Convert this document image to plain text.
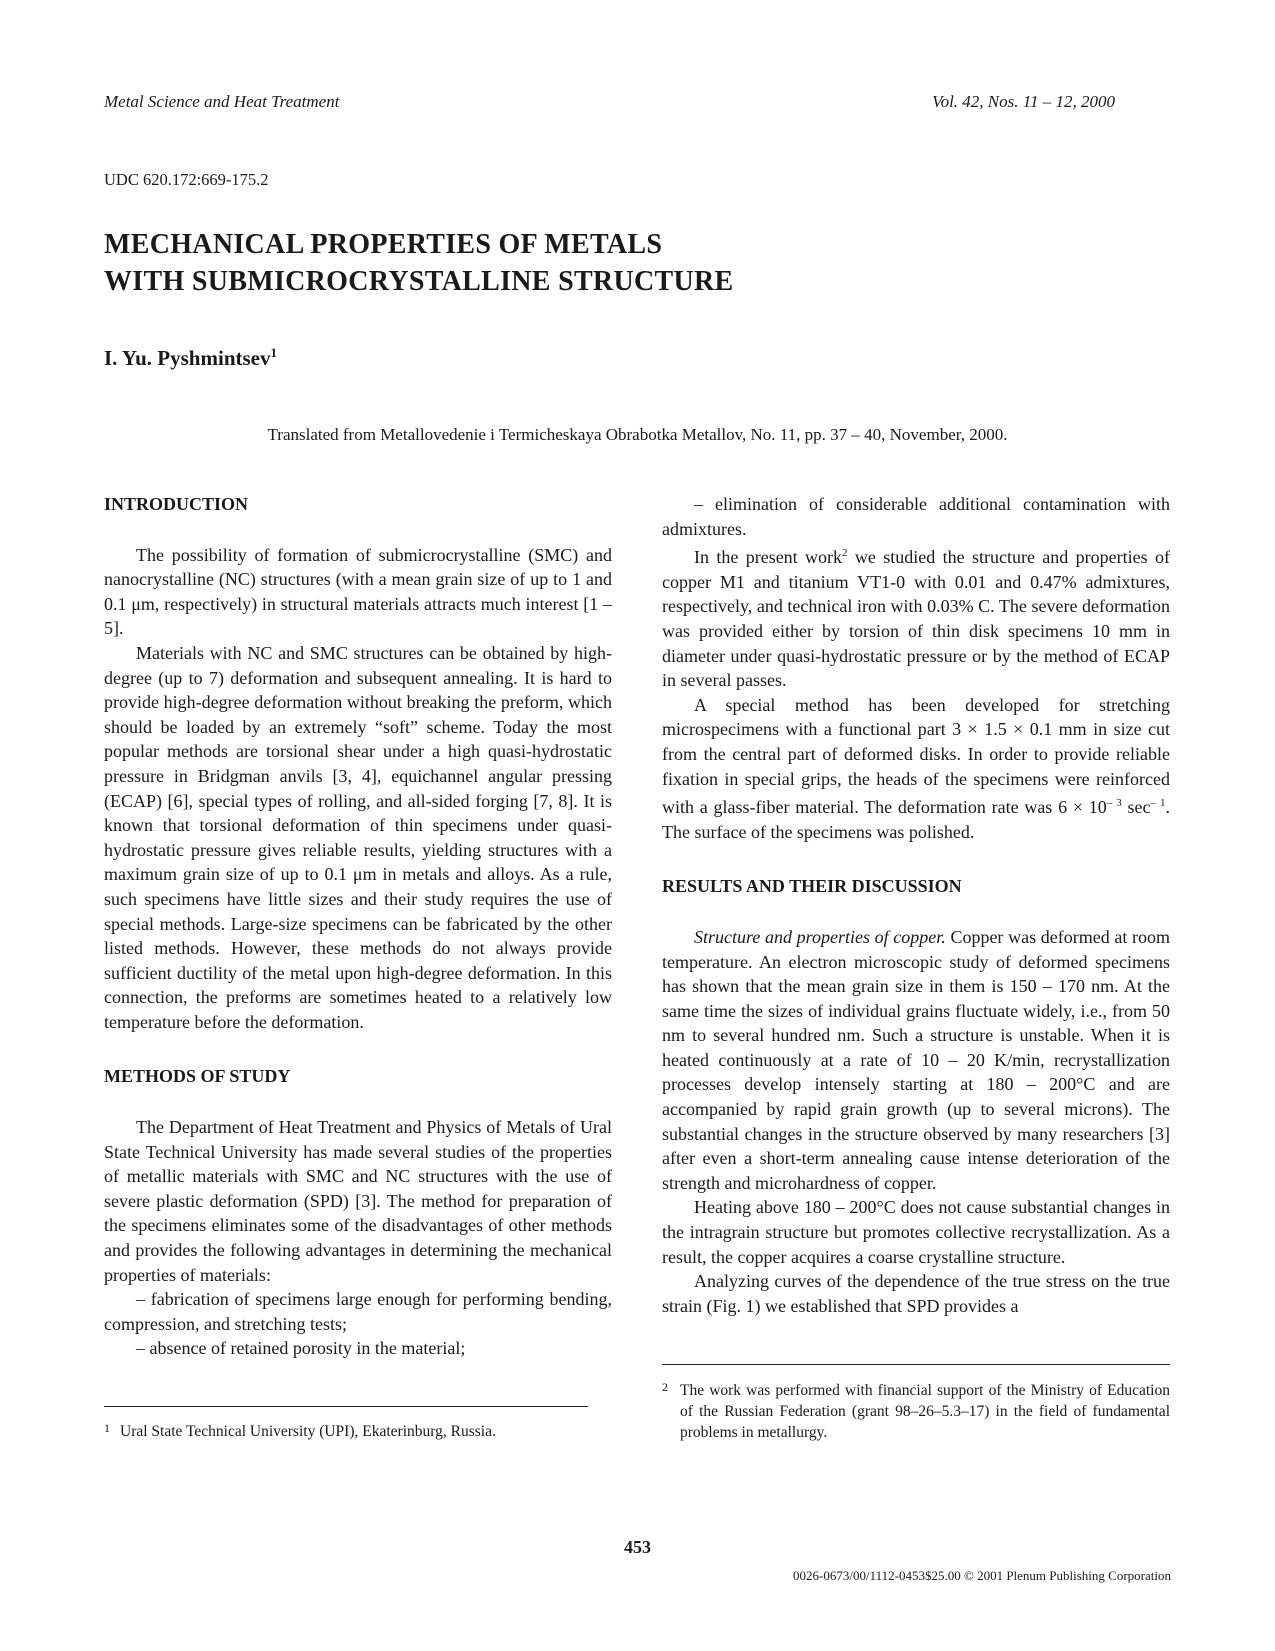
Metal Science and Heat Treatment	Vol. 42, Nos. 11 – 12, 2000
UDC 620.172:669-175.2
MECHANICAL PROPERTIES OF METALS
WITH SUBMICROCRYSTALLINE STRUCTURE
I. Yu. Pyshmintsev$^1$
Translated from Metallovedenie i Termicheskaya Obrabotka Metallov, No. 11, pp. 37 – 40, November, 2000.
INTRODUCTION

The possibility of formation of submicrocrystalline (SMC) and nanocrystalline (NC) structures (with a mean grain size of up to 1 and 0.1 μm, respectively) in structural materials attracts much interest [1 – 5].

Materials with NC and SMC structures can be obtained by high-degree (up to 7) deformation and subsequent annealing. It is hard to provide high-degree deformation without breaking the preform, which should be loaded by an extremely “soft” scheme. Today the most popular methods are torsional shear under a high quasi-hydrostatic pressure in Bridgman anvils [3, 4], equichannel angular pressing (ECAP) [6], special types of rolling, and all-sided forging [7, 8]. It is known that torsional deformation of thin specimens under quasi-hydrostatic pressure gives reliable results, yielding structures with a maximum grain size of up to 0.1 μm in metals and alloys. As a rule, such specimens have little sizes and their study requires the use of special methods. Large-size specimens can be fabricated by the other listed methods. However, these methods do not always provide sufficient ductility of the metal upon high-degree deformation. In this connection, the preforms are sometimes heated to a relatively low temperature before the deformation.

METHODS OF STUDY

The Department of Heat Treatment and Physics of Metals of Ural State Technical University has made several studies of the properties of metallic materials with SMC and NC structures with the use of severe plastic deformation (SPD) [3]. The method for preparation of the specimens eliminates some of the disadvantages of other methods and provides the following advantages in determining the mechanical properties of materials:

– fabrication of specimens large enough for performing bending, compression, and stretching tests;

– absence of retained porosity in the material;

1 Ural State Technical University (UPI), Ekaterinburg, Russia.

– elimination of considerable additional contamination with admixtures.

In the present work$^2$ we studied the structure and properties of copper M1 and titanium VT1-0 with 0.01 and 0.47% admixtures, respectively, and technical iron with 0.03% C. The severe deformation was provided either by torsion of thin disk specimens 10 mm in diameter under quasi-hydrostatic pressure or by the method of ECAP in several passes.

A special method has been developed for stretching microspecimens with a functional part 3 × 1.5 × 0.1 mm in size cut from the central part of deformed disks. In order to provide reliable fixation in special grips, the heads of the specimens were reinforced with a glass-fiber material. The deformation rate was $6 \times 10^{- 3}$ $\sec^{- 1}$. The surface of the specimens was polished.

RESULTS AND THEIR DISCUSSION

Structure and properties of copper. Copper was deformed at room temperature. An electron microscopic study of deformed specimens has shown that the mean grain size in them is 150 – 170 nm. At the same time the sizes of individual grains fluctuate widely, i.e., from 50 nm to several hundred nm. Such a structure is unstable. When it is heated continuously at a rate of 10 – 20 K/min, recrystallization processes develop intensely starting at 180 – 200°C and are accompanied by rapid grain growth (up to several microns). The substantial changes in the structure observed by many researchers [3] after even a short-term annealing cause intense deterioration of the strength and microhardness of copper.

Heating above 180 – 200°C does not cause substantial changes in the intragrain structure but promotes collective recrystallization. As a result, the copper acquires a coarse crystalline structure.

Analyzing curves of the dependence of the true stress on the true strain (Fig. 1) we established that SPD provides a

2 The work was performed with financial support of the Ministry of Education of the Russian Federation (grant 98–26–5.3–17) in the field of fundamental problems in metallurgy.
453
0026-0673/00/1112-0453$25.00 © 2001 Plenum Publishing Corporation
